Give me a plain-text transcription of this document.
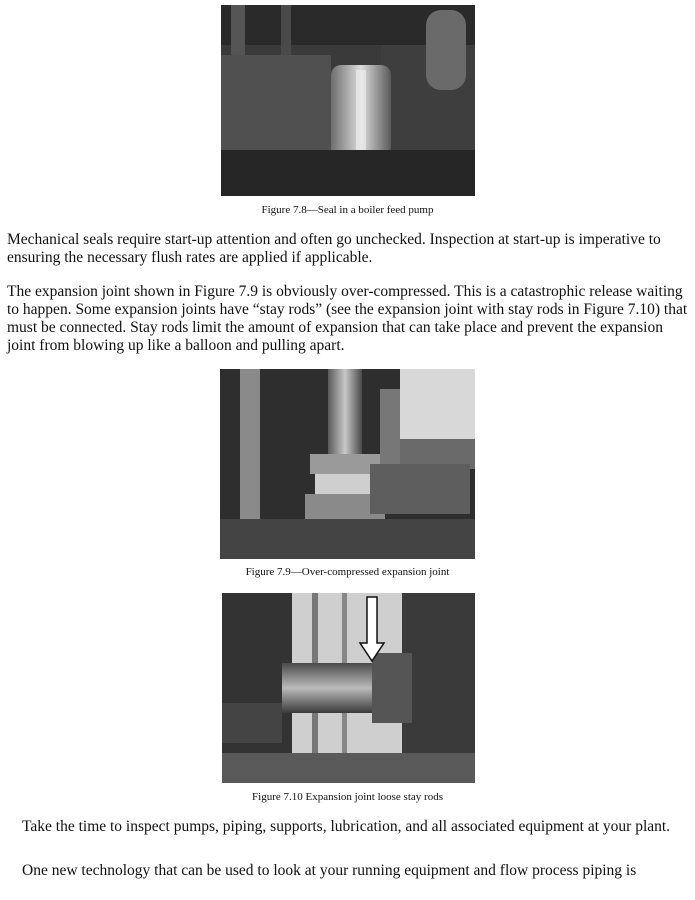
Figure 7.8—Seal in a boiler feed pump

Mechanical seals require start-up attention and often go unchecked. Inspection at start-up is imperative to ensuring the necessary flush rates are applied if applicable.

The expansion joint shown in Figure 7.9 is obviously over-compressed. This is a catastrophic release waiting to happen. Some expansion joints have “stay rods” (see the expansion joint with stay rods in Figure 7.10) that must be connected. Stay rods limit the amount of expansion that can take place and prevent the expansion joint from blowing up like a balloon and pulling apart.

Figure 7.9—Over-compressed expansion joint
Figure 7.10 Expansion joint loose stay rods

Take the time to inspect pumps, piping, supports, lubrication, and all associated equipment at your plant.

One new technology that can be used to look at your running equipment and flow process piping is
